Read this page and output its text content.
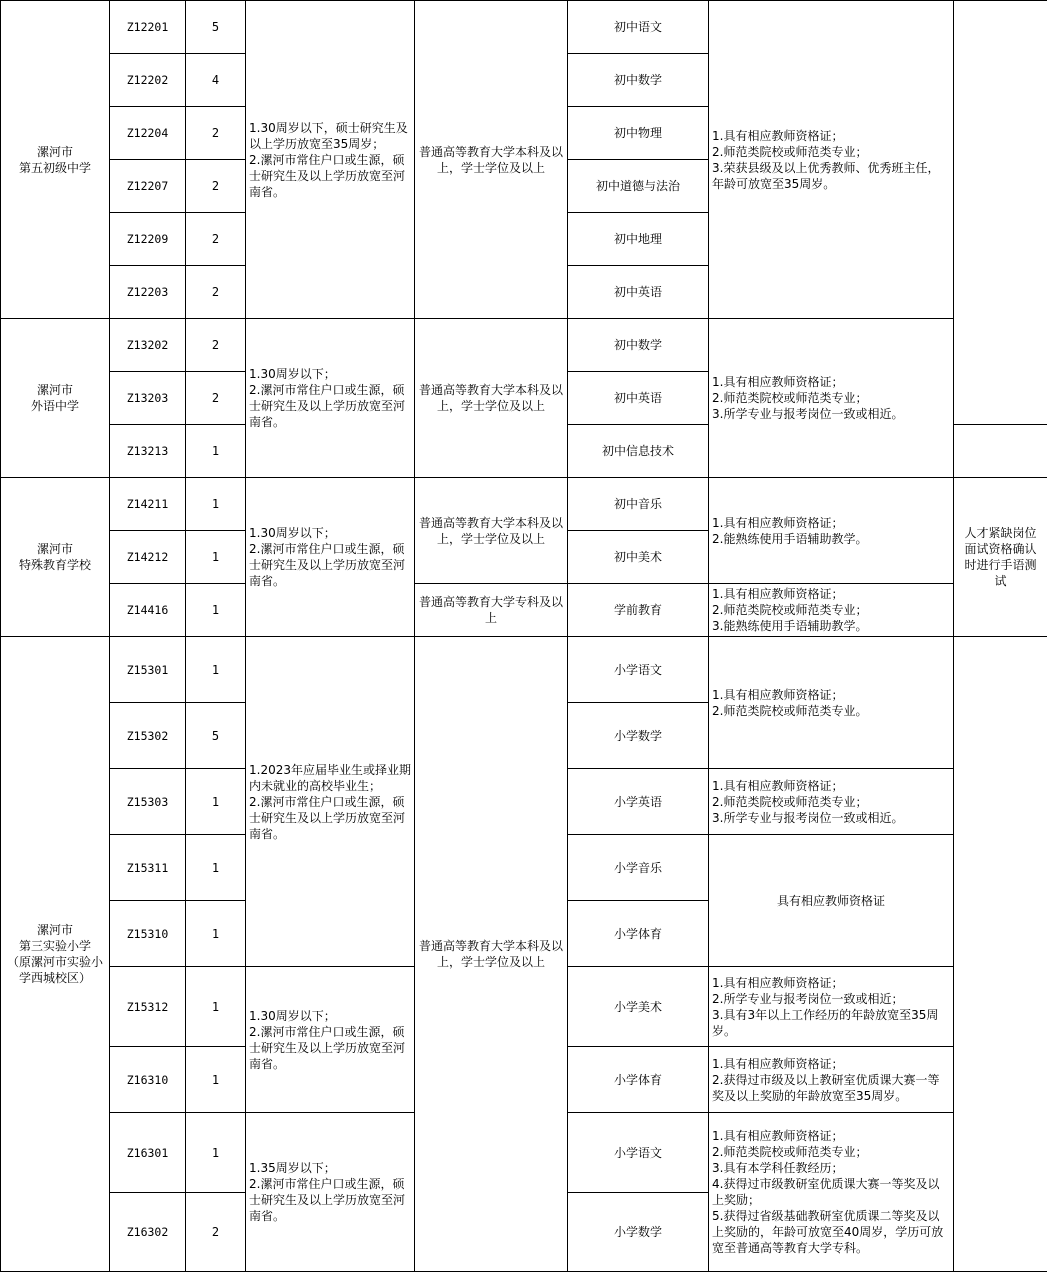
漯河市
第五初级中学	Z12201	5	1.30周岁以下，硕士研究生及以上学历放宽至35周岁；
2.漯河市常住户口或生源，硕士研究生及以上学历放宽至河南省。	普通高等教育大学本科及以上，学士学位及以上	初中语文	1.具有相应教师资格证；
2.师范类院校或师范类专业；
3.荣获县级及以上优秀教师、优秀班主任，年龄可放宽至35周岁。	

	Z12202	4			初中数学		
	Z12204	2			初中物理		
	Z12207	2			初中道德与法治		
	Z12209	2			初中地理		
	Z12203	2			初中英语		

漯河市
外语中学	Z13202	2	1.30周岁以下；
2.漯河市常住户口或生源，硕士研究生及以上学历放宽至河南省。	普通高等教育大学本科及以上，学士学位及以上	初中数学	1.具有相应教师资格证；
2.师范类院校或师范类专业；
3.所学专业与报考岗位一致或相近。	

	Z13203	2			初中英语		
	Z13213	1			初中信息技术		

漯河市
特殊教育学校	Z14211	1	1.30周岁以下；
2.漯河市常住户口或生源，硕士研究生及以上学历放宽至河南省。	普通高等教育大学本科及以上，学士学位及以上	初中音乐	1.具有相应教师资格证；
2.能熟练使用手语辅助教学。	人才紧缺岗位面试资格确认时进行手语测试
	Z14212	1			初中美术		
	Z14416	1		普通高等教育大学专科及以上	学前教育	1.具有相应教师资格证；
2.师范类院校或师范类专业；
3.能熟练使用手语辅助教学。	

漯河市
第三实验小学
（原漯河市实验小学西城校区）	Z15301	1	1.2023年应届毕业生或择业期内未就业的高校毕业生；
2.漯河市常住户口或生源，硕士研究生及以上学历放宽至河南省。	普通高等教育大学本科及以上，学士学位及以上	小学语文	1.具有相应教师资格证；
2.师范类院校或师范类专业。	

	Z15302	5			小学数学		
	Z15303	1			小学英语	1.具有相应教师资格证；
2.师范类院校或师范类专业；
3.所学专业与报考岗位一致或相近。	

	Z15311	1			小学音乐	具有相应教师资格证	
	Z15310	1			小学体育		
	Z15312	1	1.30周岁以下；
2.漯河市常住户口或生源，硕士研究生及以上学历放宽至河南省。		小学美术	1.具有相应教师资格证；
2.所学专业与报考岗位一致或相近；
3.具有3年以上工作经历的年龄放宽至35周岁。	

	Z16310	1			小学体育	1.具有相应教师资格证；
2.获得过市级及以上教研室优质课大赛一等奖及以上奖励的年龄放宽至35周岁。	

	Z16301	1	1.35周岁以下；
2.漯河市常住户口或生源，硕士研究生及以上学历放宽至河南省。		小学语文	1.具有相应教师资格证；
2.师范类院校或师范类专业；
3.具有本学科任教经历；
4.获得过市级教研室优质课大赛一等奖及以上奖励；
5.获得过省级基础教研室优质课二等奖及以上奖励的，年龄可放宽至40周岁，学历可放宽至普通高等教育大学专科。	

	Z16302	2			小学数学		
